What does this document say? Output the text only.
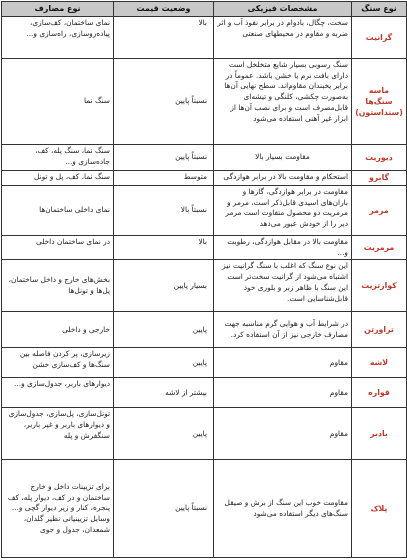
نوع سنگ	مشخصات فیزیکی	وضعیت قیمت	نوع مصارف
گرانیت	سخت، چگال، بادوام در برابر نفوذ آب و اثر ضربه و مقاوم در محیطهای صنعتی	بالا	نمای ساختمان، کف‌سازی، پیاده‌روسازی، راه‌سازی و...
ماسه سنگ‌ها (سنداستون)	سنگ رسوبی بسیار شایع متخلخل است دارای بافت نرم یا خشن باشد. عموماً در برابر یخبندان مقاوم‌اند. سطح نهایی آن‌ها به‌صورت چکشی، کلنگی و تیشه‌ای قابل‌مصرف است و برای نصب آن‌ها از ابزار غیر آهنی استفاده می‌شود	نسبتاً پایین	سنگ نما
دیوریت	مقاومت بسیار بالا	نسبتاً پایین	سنگ نما، سنگ پله، کف، جاده‌سازی و...
گابرو	استحکام و مقاومت بالا در برابر هوازدگی	متوسط	سنگ نما، کف، پل و تونل
مرمر	مقاومت در برابر هوازدگی، گازها و باران‌های اسیدی قابل‌ذکر است، مرمر و مرمریت دو محصول متفاوت است مرمر دیر را از خودش عبور می‌دهد	نسبتاً بالا	نمای داخلی ساختمان‌ها
مرمریت	مقاومت بالا در مقابل هوازدگی، رطوبت و...	بالا	در نمای ساختمان داخلی
کوارتزیت	این نوع سنگ که اغلب با سنگ گرانیت نیز اشتباه می‌شود از گرانیت سخت‌تر است این سنگ با ظاهر زبر و بلوری خود قابل‌شناسایی است.	بسیار پایین	بخش‌های خارج و داخل ساختمان، پل‌ها و تونل‌ها
تراورتن	در شرایط آب و هوایی گرم مناسبه جهت مصارف خارجی نیز از آن استفاده کرد.	پایین	خارجی و داخلی
لاشه	مقاوم	پایین	زیرسازی، پر کردن فاصله بین سنگ‌ها و کف‌سازی خشن
قواره	مقاوم	بیشتر از لاشه	دیوارهای باربر، جدول‌سازی و...
بادبر	مقاوم	پایین	تونل‌سازی، پل‌سازی، جدول‌سازی و دیوارهای باربر و غیر باربر، سنگفرش و پله
پلاک	مقاومت خوب این سنگ از برش و صیقل سنگ‌های دیگر استفاده می‌شود	نسبتاً پایین	برای تزیینات داخل و خارج ساختمان و در کف، دیوار پله، کف پنجره، کنار و زیر دیوار گچی و... وسایل تزیینیاتی نظیر گلدان، شمعدان، جدول و جوی
